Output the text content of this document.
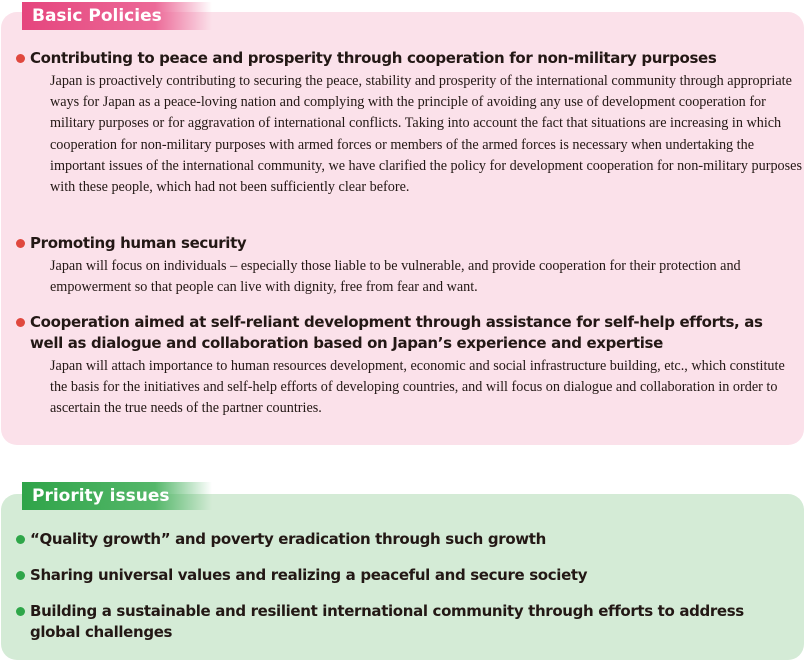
Basic Policies
Contributing to peace and prosperity through cooperation for non-military purposes
Japan is proactively contributing to securing the peace, stability and prosperity of the international community through appropriate ways for Japan as a peace-loving nation and complying with the principle of avoiding any use of development cooperation for military purposes or for aggravation of international conflicts. Taking into account the fact that situations are increasing in which cooperation for non-military purposes with armed forces or members of the armed forces is necessary when undertaking the important issues of the international community, we have clarified the policy for development cooperation for non-military purposes with these people, which had not been sufficiently clear before.
Promoting human security
Japan will focus on individuals – especially those liable to be vulnerable, and provide cooperation for their protection and empowerment so that people can live with dignity, free from fear and want.
Cooperation aimed at self-reliant development through assistance for self-help efforts, as well as dialogue and collaboration based on Japan’s experience and expertise
Japan will attach importance to human resources development, economic and social infrastructure building, etc., which constitute the basis for the initiatives and self-help efforts of developing countries, and will focus on dialogue and collaboration in order to ascertain the true needs of the partner countries.
Priority issues
“Quality growth” and poverty eradication through such growth
Sharing universal values and realizing a peaceful and secure society
Building a sustainable and resilient international community through efforts to address global challenges
